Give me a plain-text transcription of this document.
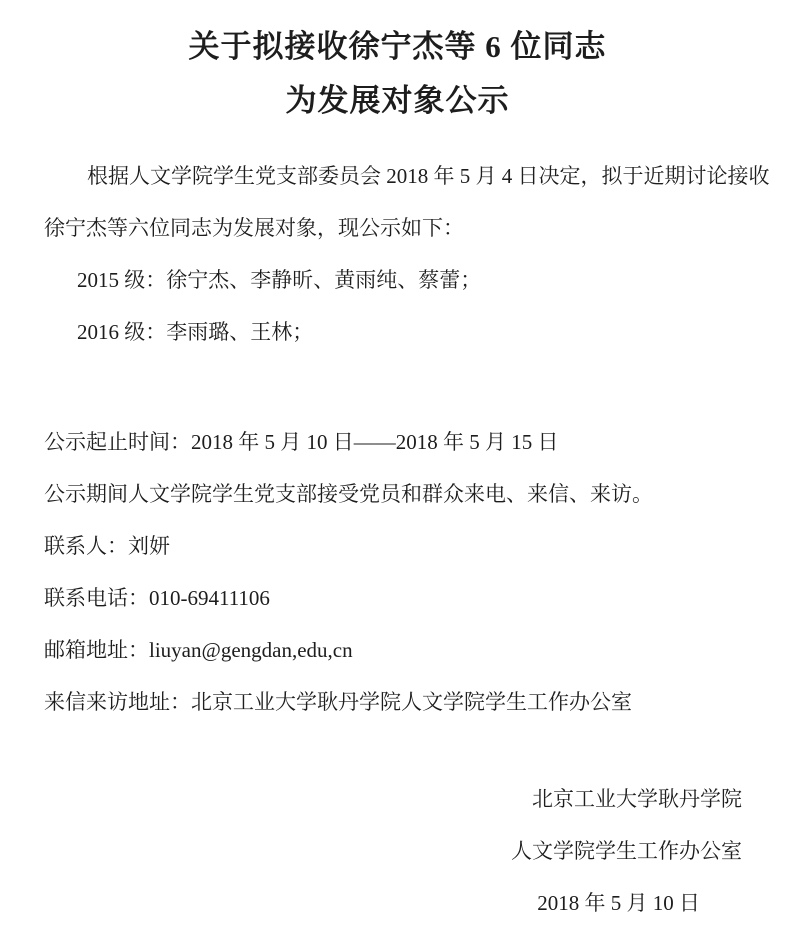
关于拟接收徐宁杰等 6 位同志
为发展对象公示
根据人文学院学生党支部委员会 2018 年 5 月 4 日决定，拟于近期讨论接收
徐宁杰等六位同志为发展对象，现公示如下：
2015 级：徐宁杰、李静昕、黄雨纯、蔡蕾；
2016 级：李雨璐、王林；
公示起止时间：2018 年 5 月 10 日——2018 年 5 月 15 日
公示期间人文学院学生党支部接受党员和群众来电、来信、来访。
联系人：刘妍
联系电话：010-69411106
邮箱地址：liuyan@gengdan,edu,cn
来信来访地址：北京工业大学耿丹学院人文学院学生工作办公室
北京工业大学耿丹学院
人文学院学生工作办公室
2018 年 5 月 10 日
